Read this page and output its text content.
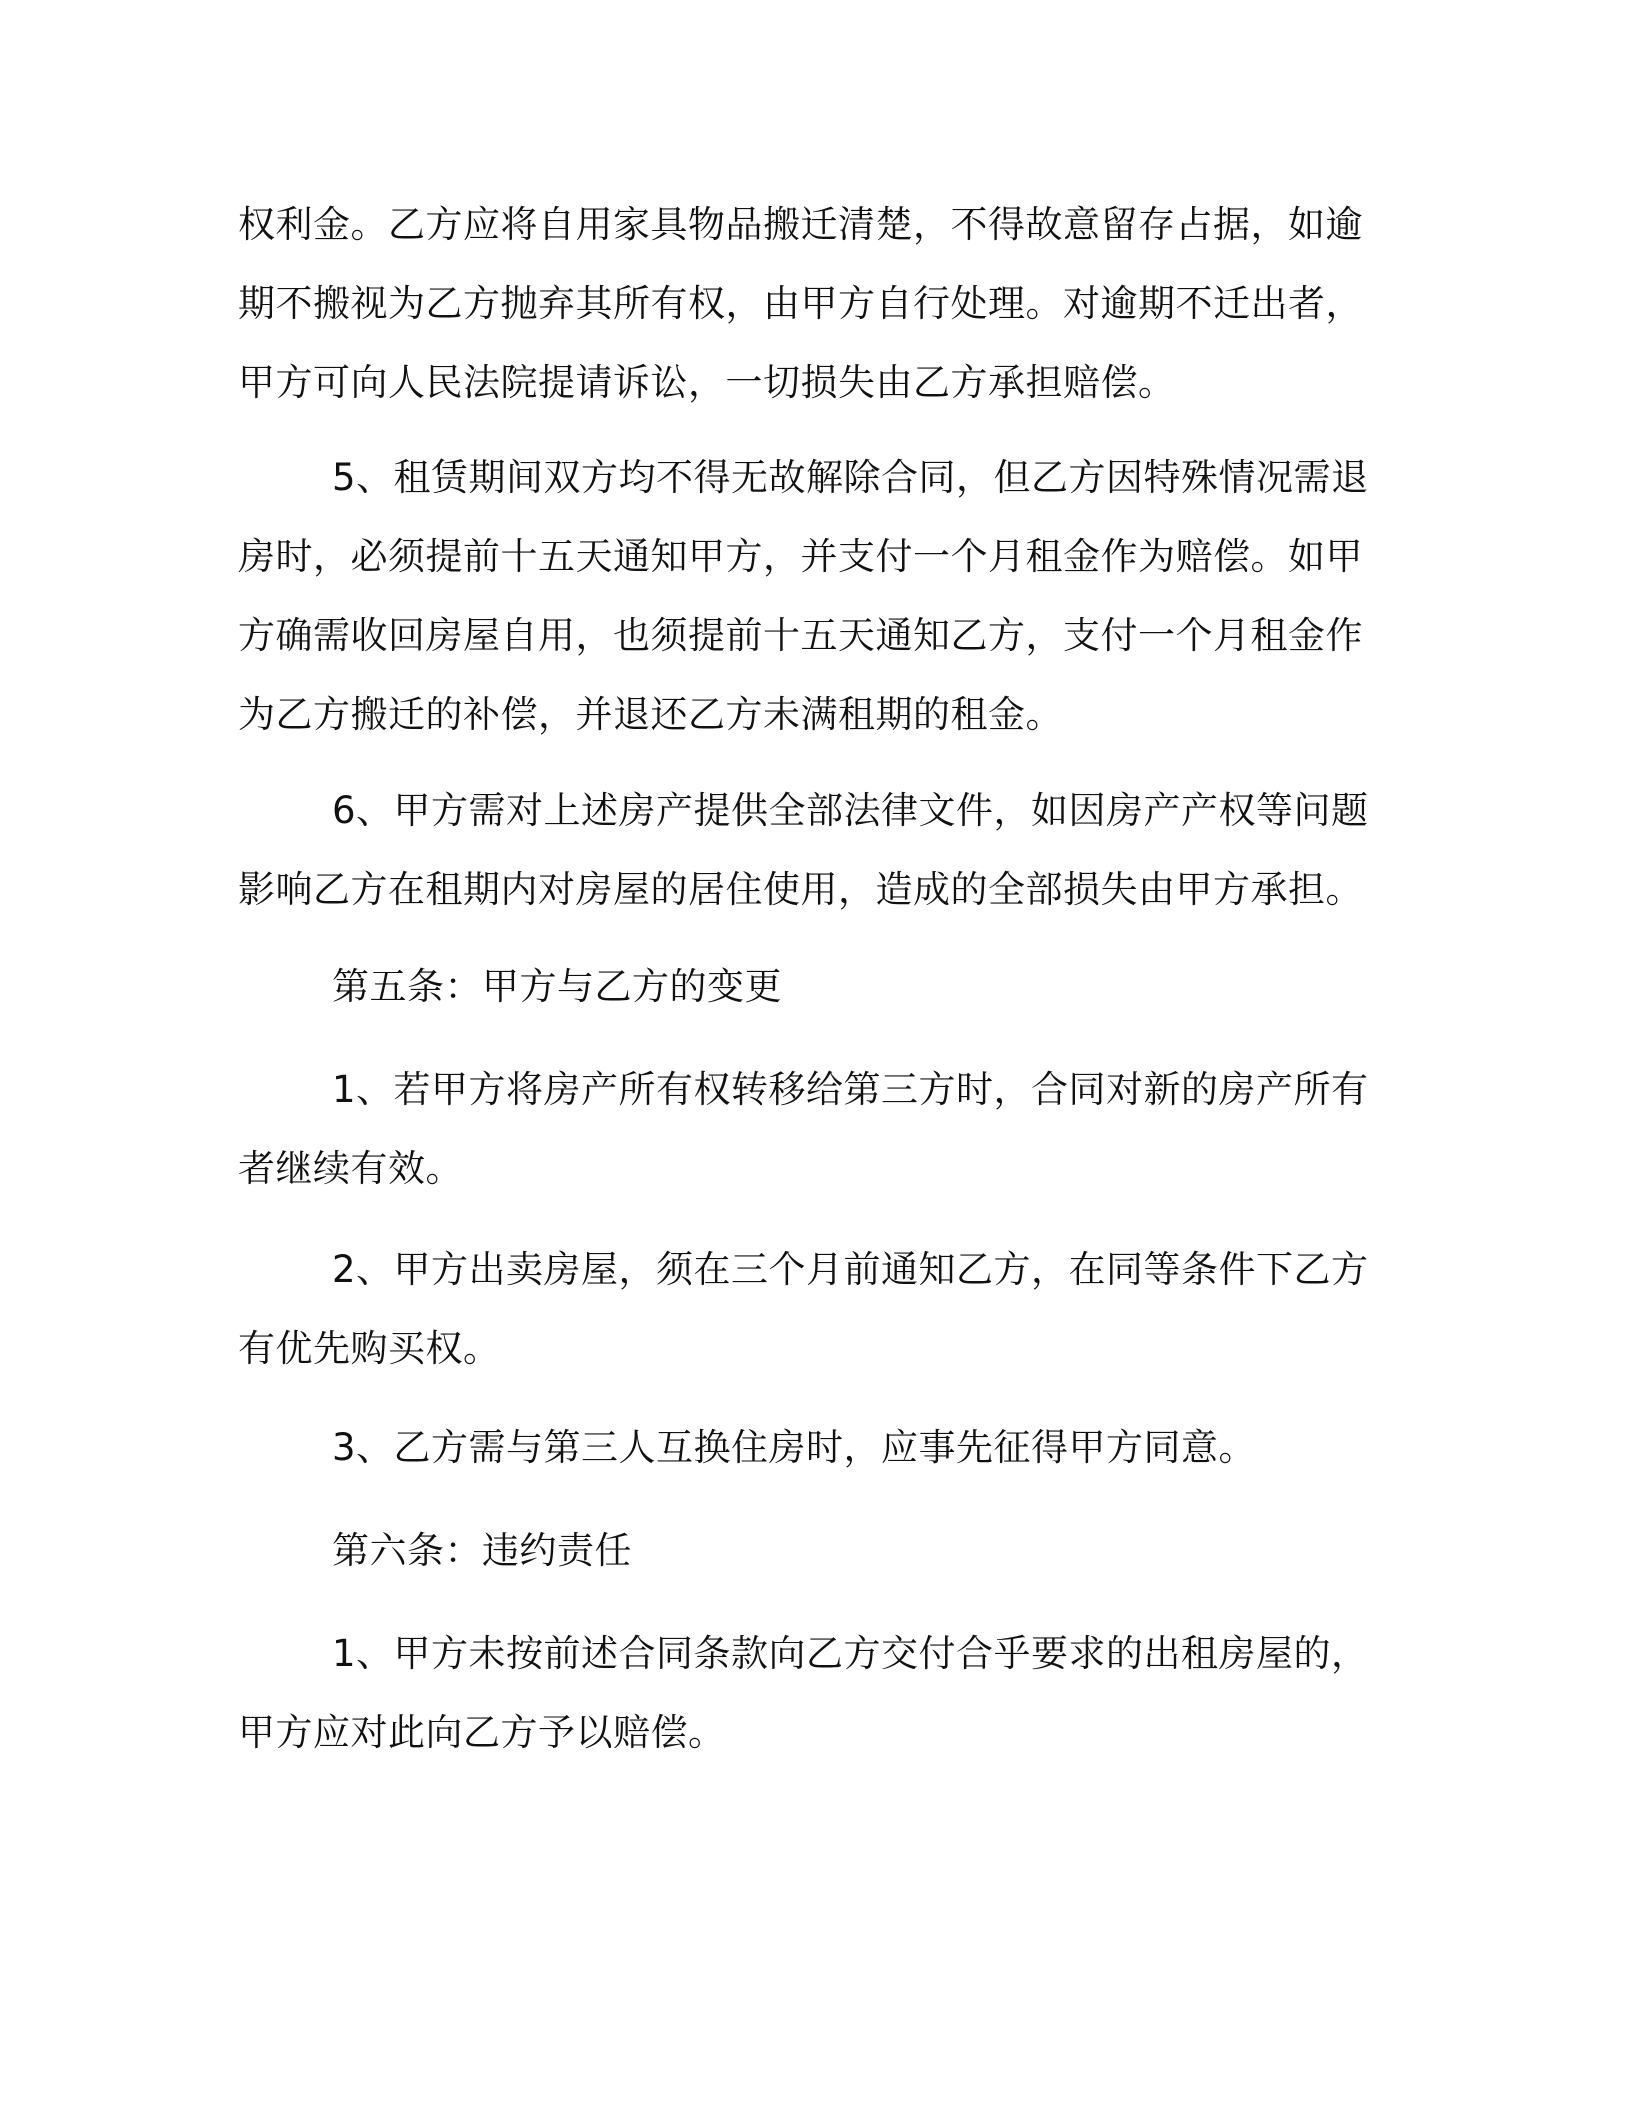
权利金。乙方应将自用家具物品搬迁清楚，不得故意留存占据，如逾期不搬视为乙方抛弃其所有权，由甲方自行处理。对逾期不迁出者，甲方可向人民法院提请诉讼，一切损失由乙方承担赔偿。

5、租赁期间双方均不得无故解除合同，但乙方因特殊情况需退房时，必须提前十五天通知甲方，并支付一个月租金作为赔偿。如甲方确需收回房屋自用，也须提前十五天通知乙方，支付一个月租金作为乙方搬迁的补偿，并退还乙方未满租期的租金。

6、甲方需对上述房产提供全部法律文件，如因房产产权等问题影响乙方在租期内对房屋的居住使用，造成的全部损失由甲方承担。

第五条：甲方与乙方的变更

1、若甲方将房产所有权转移给第三方时，合同对新的房产所有者继续有效。

2、甲方出卖房屋，须在三个月前通知乙方，在同等条件下乙方有优先购买权。

3、乙方需与第三人互换住房时，应事先征得甲方同意。

第六条：违约责任

1、甲方未按前述合同条款向乙方交付合乎要求的出租房屋的，甲方应对此向乙方予以赔偿。
